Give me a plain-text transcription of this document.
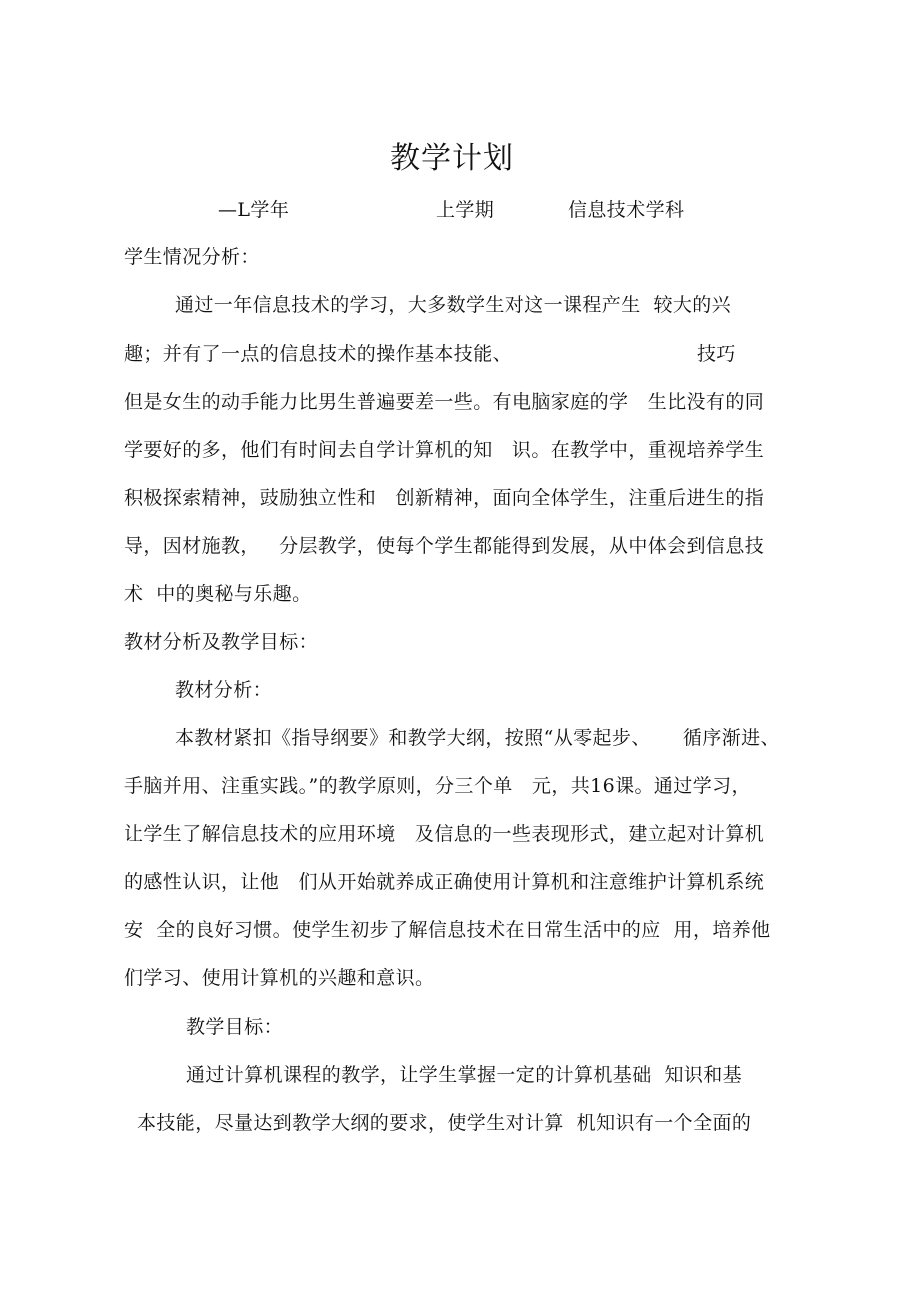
教学计划
—L学年	上学期	信息技术学科
学生情况分析：
通过一年信息技术的学习，大多数学生对这一课程产生  较大的兴
趣；并有了一点的信息技术的操作基本技能、	技巧
但是女生的动手能力比男生普遍要差一些。有电脑家庭的学   生比没有的同
学要好的多，他们有时间去自学计算机的知   识。在教学中，重视培养学生
积极探索精神，豉励独立性和   创新精神，面向全体学生，注重后进生的指
导，因材施教，   分层教学，使每个学生都能得到发展，从中体会到信息技
术  中的奥秘与乐趣。
教材分析及教学目标：
教材分析：
本教材紧扣《指导纲要》和教学大纲，按照“从零起步、     循序渐进、
手脑并用、注重实践。”的教学原则，分三个单   元，共16课。通过学习，
让学生了解信息技术的应用环境   及信息的一些表现形式，建立起对计算机
的感性认识，让他   们从开始就养成正确使用计算机和注意维护计算机系统
安  全的良好习惯。使学生初步了解信息技术在日常生活中的应  用，培养他
们学习、使用计算机的兴趣和意识。
教学目标：
通过计算机课程的教学，让学生掌握一定的计算机基础  知识和基
本技能，尽量达到教学大纲的要求，使学生对计算  机知识有一个全面的
